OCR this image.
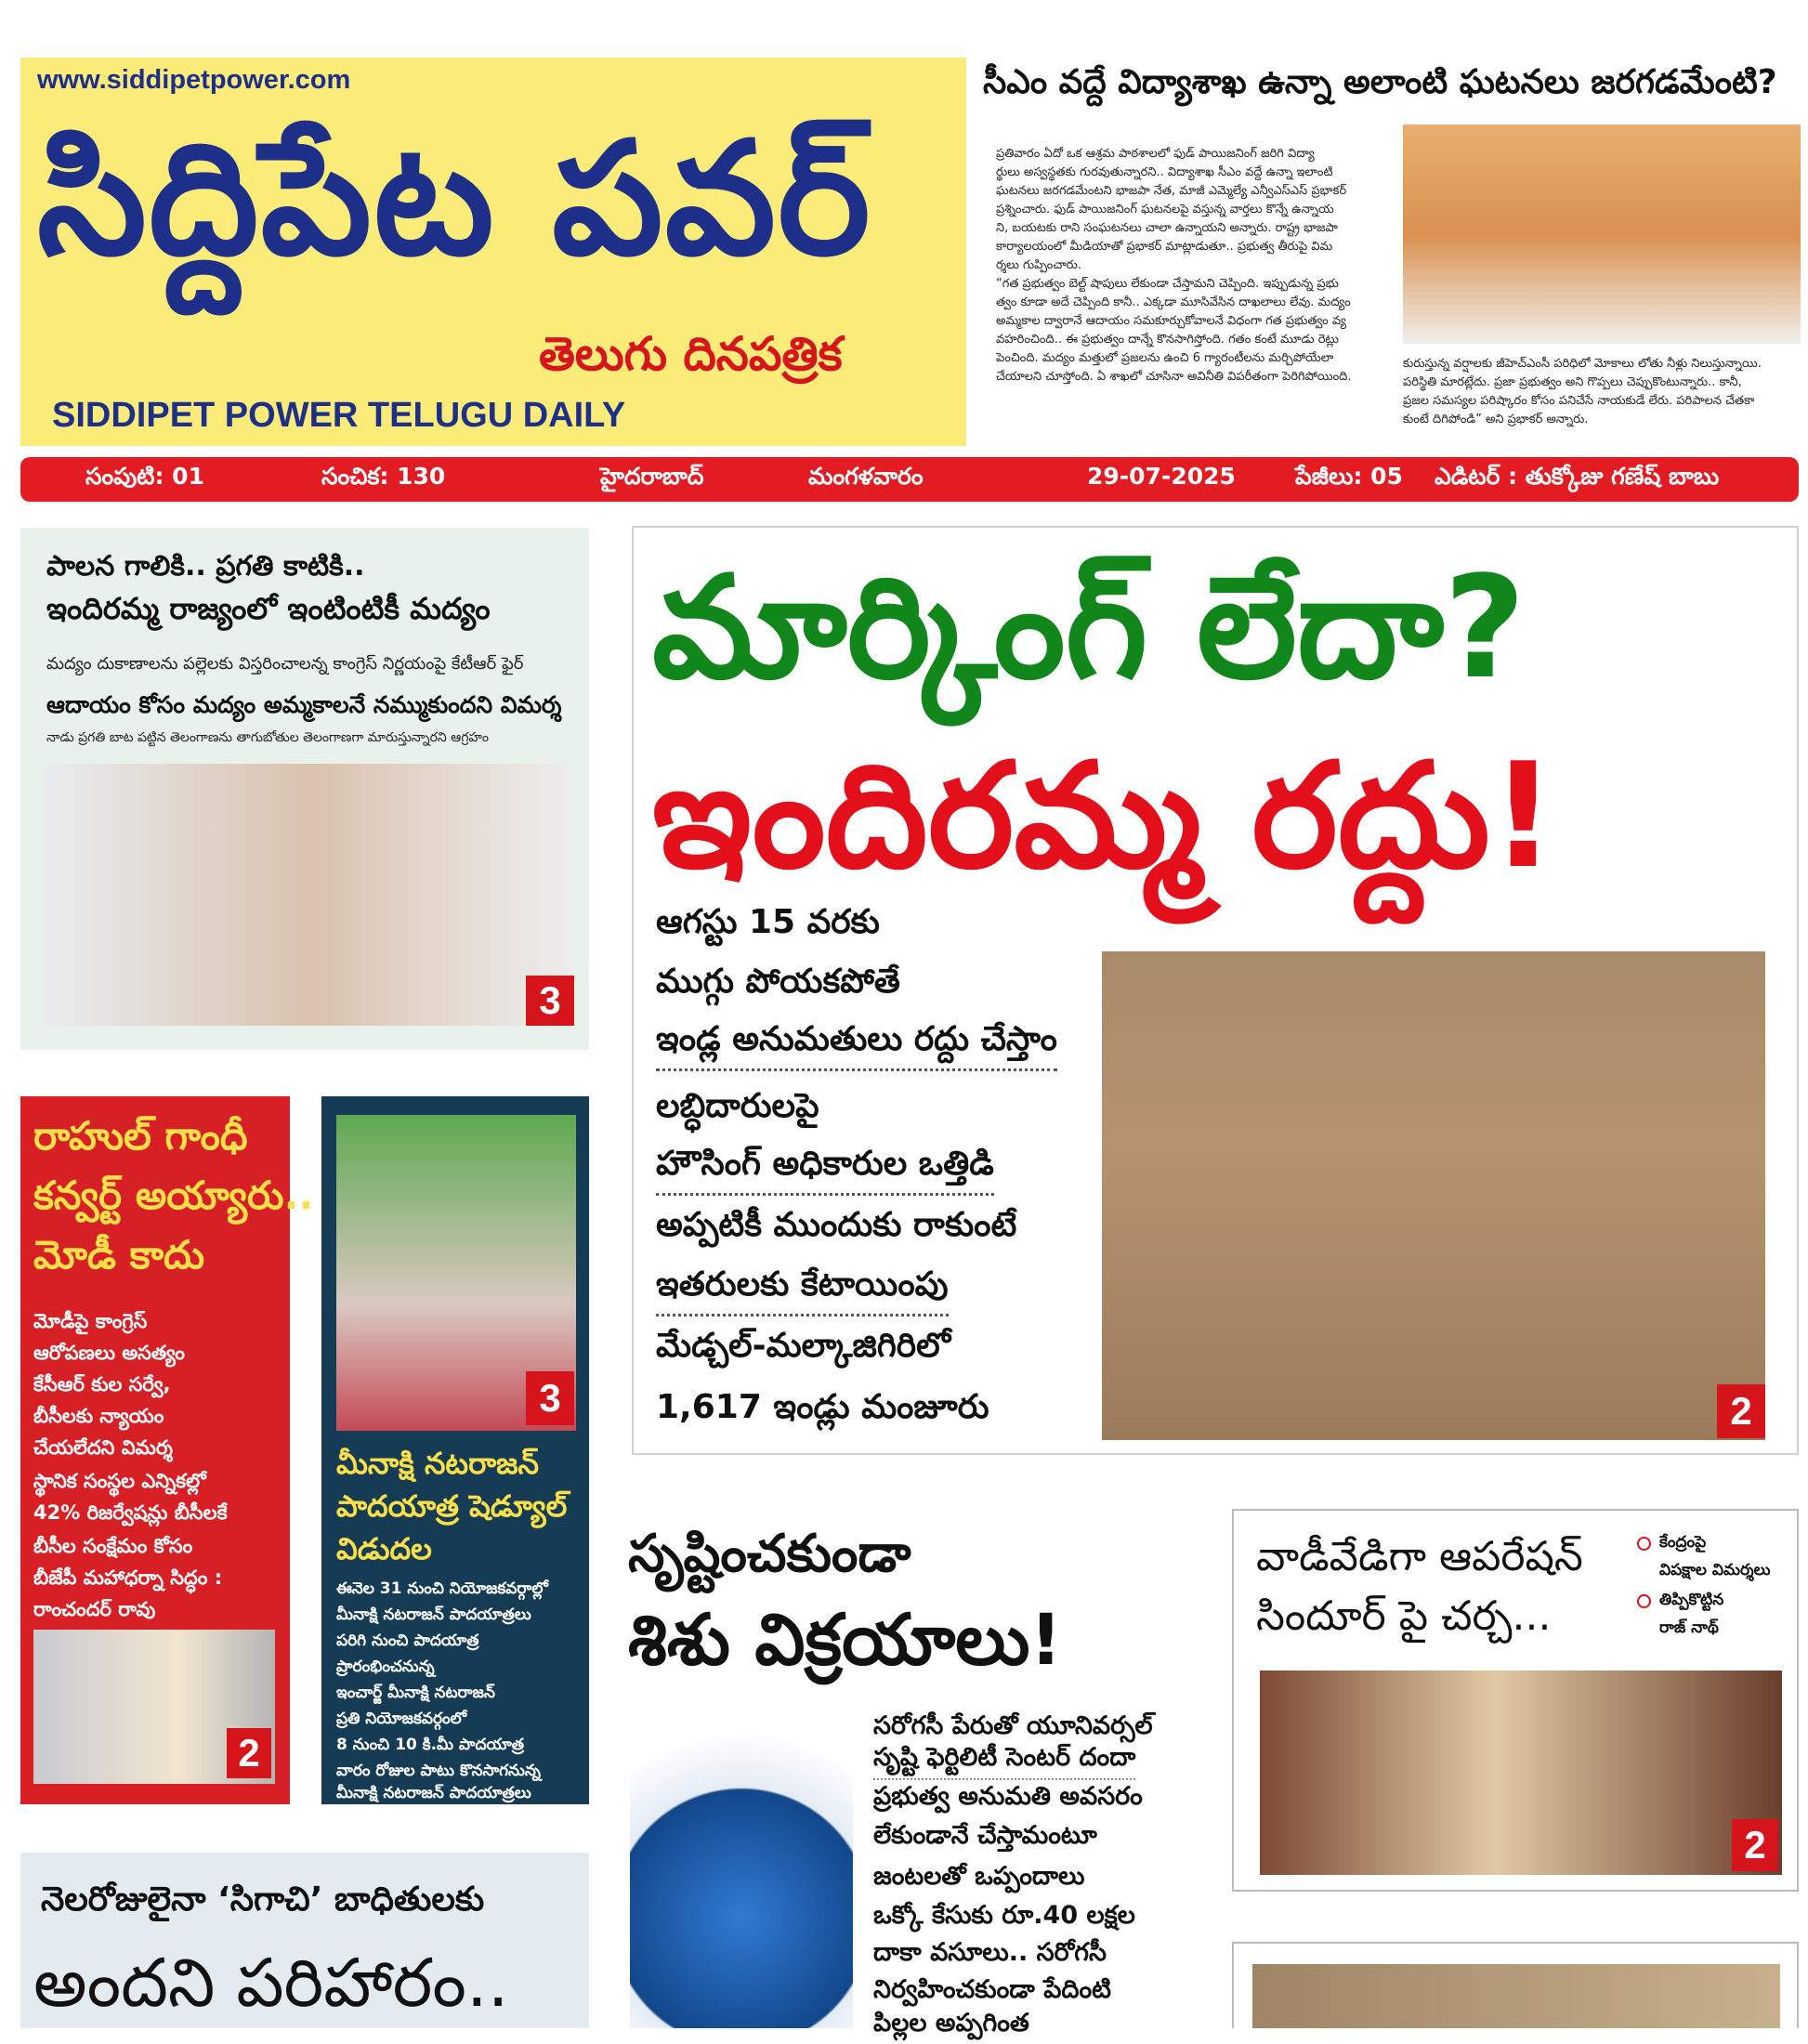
www.siddipetpower.com
సిద్దిపేట పవర్
తెలుగు దినపత్రిక
SIDDIPET POWER TELUGU DAILY
సీఎం వద్దే విద్యాశాఖ ఉన్నా అలాంటి ఘటనలు జరగడమేంటి?
ప్రతివారం ఏదో ఒక ఆశ్రమ పాఠశాలలో ఫుడ్ పాయిజనింగ్ జరిగి విద్యా
ర్థులు అస్వస్థతకు గురవుతున్నారని.. విద్యాశాఖ సీఎం వద్దే ఉన్నా ఇలాంటి
ఘటనలు జరగడమేంటని భాజపా నేత, మాజీ ఎమ్మెల్యే ఎన్వీఎస్ఎస్ ప్రభాకర్
ప్రశ్నించారు. ఫుడ్ పాయిజనింగ్ ఘటనలపై వస్తున్న వార్తలు కొన్నే ఉన్నాయ
ని, బయటకు రాని సంఘటనలు చాలా ఉన్నాయని అన్నారు. రాష్ట్ర భాజపా
కార్యాలయంలో మీడియాతో ప్రభాకర్ మాట్లాడుతూ.. ప్రభుత్వ తీరుపై విమ
ర్శలు గుప్పించారు.
“గత ప్రభుత్వం బెల్ట్ షాపులు లేకుండా చేస్తామని చెప్పింది. ఇప్పుడున్న ప్రభు
త్వం కూడా అదే చెప్పింది కానీ.. ఎక్కడా మూసివేసిన దాఖలాలు లేవు. మద్యం
అమ్మకాల ద్వారానే ఆదాయం సమకూర్చుకోవాలనే విధంగా గత ప్రభుత్వం వ్య
వహరించింది.. ఈ ప్రభుత్వం దాన్నే కొనసాగిస్తోంది. గతం కంటే మూడు రెట్లు
పెంచింది. మద్యం మత్తులో ప్రజలను ఉంచి 6 గ్యారంటీలను మర్చిపోయేలా
చేయాలని చూస్తోంది. ఏ శాఖలో చూసినా అవినీతి విపరీతంగా పెరిగిపోయింది.
కురుస్తున్న వర్షాలకు జీహెచ్ఎంసీ పరిధిలో మోకాలు లోతు నీళ్లు నిలుస్తున్నాయి.
పరిస్థితి మారట్లేదు. ప్రజా ప్రభుత్వం అని గొప్పలు చెప్పుకొంటున్నారు.. కానీ,
ప్రజల సమస్యల పరిష్కారం కోసం పనిచేసే నాయకుడే లేరు. పరిపాలన చేతకా
కుంటే దిగిపోండి” అని ప్రభాకర్ అన్నారు.
సంపుటి: 01	సంచిక: 130	హైదరాబాద్	మంగళవారం	29-07-2025	పేజీలు: 05 ఎడిటర్ : తుక్కోజు గణేష్ బాబు
పాలన గాలికి.. ప్రగతి కాటికి..
ఇందిరమ్మ రాజ్యంలో ఇంటింటికీ మద్యం
మద్యం దుకాణాలను పల్లెలకు విస్తరించాలన్న కాంగ్రెస్ నిర్ణయంపై కేటీఆర్ ఫైర్
ఆదాయం కోసం మద్యం అమ్మకాలనే నమ్ముకుందని విమర్శ
నాడు ప్రగతి బాట పట్టిన తెలంగాణను తాగుబోతుల తెలంగాణగా మారుస్తున్నారని ఆగ్రహం
3
మార్కింగ్ లేదా?
ఇందిరమ్మ రద్దు!
ఆగస్టు 15 వరకు
ముగ్గు పోయకపోతే
ఇండ్ల అనుమతులు రద్దు చేస్తాం
లబ్ధిదారులపై
హౌసింగ్ అధికారుల ఒత్తిడి
అప్పటికీ ముందుకు రాకుంటే
ఇతరులకు కేటాయింపు
మేడ్చల్-మల్కాజిగిరిలో
1,617 ఇండ్లు మంజూరు	2
రాహుల్ గాంధీ
కన్వర్ట్ అయ్యారు..
మోడీ కాదు
మోడీపై కాంగ్రెస్
ఆరోపణలు అసత్యం
కేసీఆర్ కుల సర్వే,
బీసీలకు న్యాయం
చేయలేదని విమర్శ
స్థానిక సంస్థల ఎన్నికల్లో
42% రిజర్వేషన్లు బీసీలకే
బీసీల సంక్షేమం కోసం
బీజేపీ మహాధర్నా సిద్ధం :
రాంచందర్ రావు
2
3
మీనాక్షి నటరాజన్
పాదయాత్ర షెడ్యూల్
విడుదల
ఈనెల 31 నుంచి నియోజకవర్గాల్లో
మీనాక్షి నటరాజన్ పాదయాత్రలు
పరిగి నుంచి పాదయాత్ర
ప్రారంభించనున్న
ఇంచార్జ్ మీనాక్షి నటరాజన్
ప్రతి నియోజకవర్గంలో
8 నుంచి 10 కి.మీ పాదయాత్ర
వారం రోజుల పాటు కొనసాగనున్న
మీనాక్షి నటరాజన్ పాదయాత్రలు
సృష్టించకుండా
శిశు విక్రయాలు!
సరోగసీ పేరుతో యూనివర్సల్
సృష్టి ఫెర్టిలిటీ సెంటర్ దందా
ప్రభుత్వ అనుమతి అవసరం
లేకుండానే చేస్తామంటూ
జంటలతో ఒప్పందాలు
ఒక్కో కేసుకు రూ.40 లక్షల
దాకా వసూలు.. సరోగసీ
నిర్వహించకుండా పేదింటి
పిల్లల అప్పగింత
వాడీవేడిగా ఆపరేషన్
సిందూర్ పై చర్చ...
కేంద్రంపై
విపక్షాల విమర్శలు
తిప్పికొట్టిన
రాజ్ నాథ్
2
నెలరోజులైనా ‘సిగాచి’ బాధితులకు
అందని పరిహారం..
